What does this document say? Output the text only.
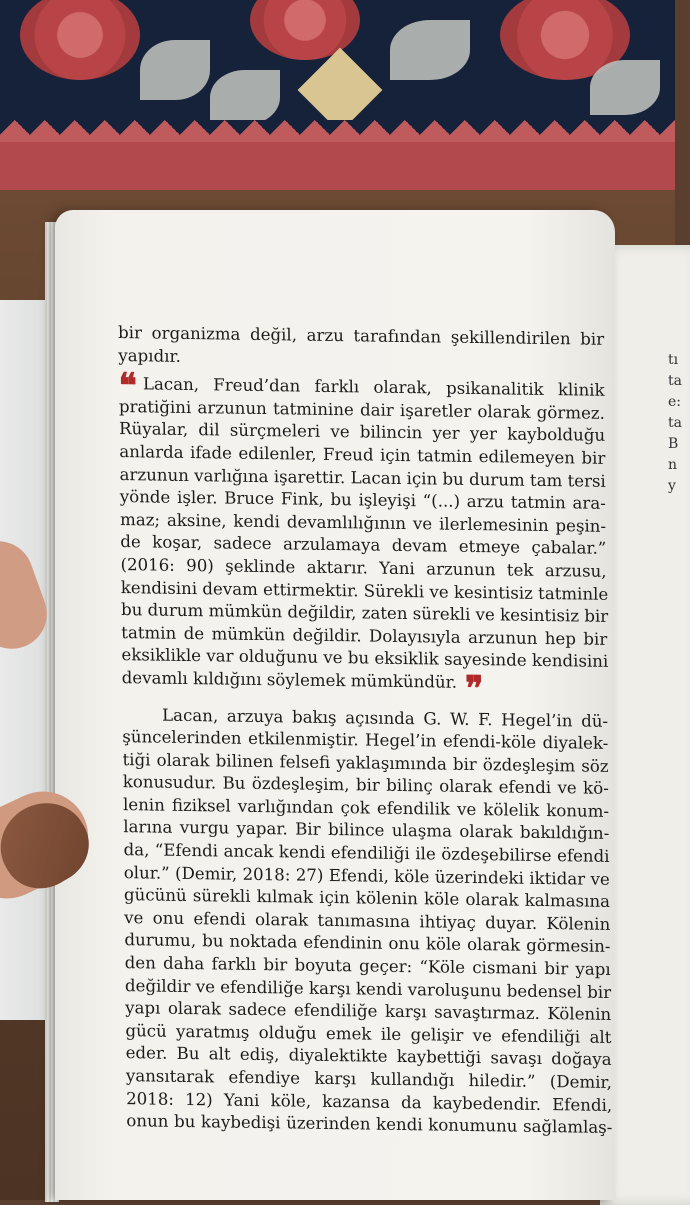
tı
ta
e:
ta
B
n
y
bir organizma değil, arzu tarafından şekillendirilen bir
yapıdır.
❝ Lacan, Freud’dan farklı olarak, psikanalitik klinik
pratiğini arzunun tatminine dair işaretler olarak görmez.
Rüyalar, dil sürçmeleri ve bilincin yer yer kaybolduğu
anlarda ifade edilenler, Freud için tatmin edilemeyen bir
arzunun varlığına işarettir. Lacan için bu durum tam tersi
yönde işler. Bruce Fink, bu işleyişi “(...) arzu tatmin ara-
maz; aksine, kendi devamlılığının ve ilerlemesinin peşin-
de koşar, sadece arzulamaya devam etmeye çabalar.”
(2016: 90) şeklinde aktarır. Yani arzunun tek arzusu,
kendisini devam ettirmektir. Sürekli ve kesintisiz tatminle
bu durum mümkün değildir, zaten sürekli ve kesintisiz bir
tatmin de mümkün değildir. Dolayısıyla arzunun hep bir
eksiklikle var olduğunu ve bu eksiklik sayesinde kendisini
devamlı kıldığını söylemek mümkündür. ❞
Lacan, arzuya bakış açısında G. W. F. Hegel’in dü-
şüncelerinden etkilenmiştir. Hegel’in efendi-köle diyalek-
tiği olarak bilinen felsefi yaklaşımında bir özdeşleşim söz
konusudur. Bu özdeşleşim, bir bilinç olarak efendi ve kö-
lenin fiziksel varlığından çok efendilik ve kölelik konum-
larına vurgu yapar. Bir bilince ulaşma olarak bakıldığın-
da, “Efendi ancak kendi efendiliği ile özdeşebilirse efendi
olur.” (Demir, 2018: 27) Efendi, köle üzerindeki iktidar ve
gücünü sürekli kılmak için kölenin köle olarak kalmasına
ve onu efendi olarak tanımasına ihtiyaç duyar. Kölenin
durumu, bu noktada efendinin onu köle olarak görmesin-
den daha farklı bir boyuta geçer: “Köle cismani bir yapı
değildir ve efendiliğe karşı kendi varoluşunu bedensel bir
yapı olarak sadece efendiliğe karşı savaştırmaz. Kölenin
gücü yaratmış olduğu emek ile gelişir ve efendiliği alt
eder. Bu alt ediş, diyalektikte kaybettiği savaşı doğaya
yansıtarak efendiye karşı kullandığı hiledir.” (Demir,
2018: 12) Yani köle, kazansa da kaybedendir. Efendi,
onun bu kaybedişi üzerinden kendi konumunu sağlamlaş-
